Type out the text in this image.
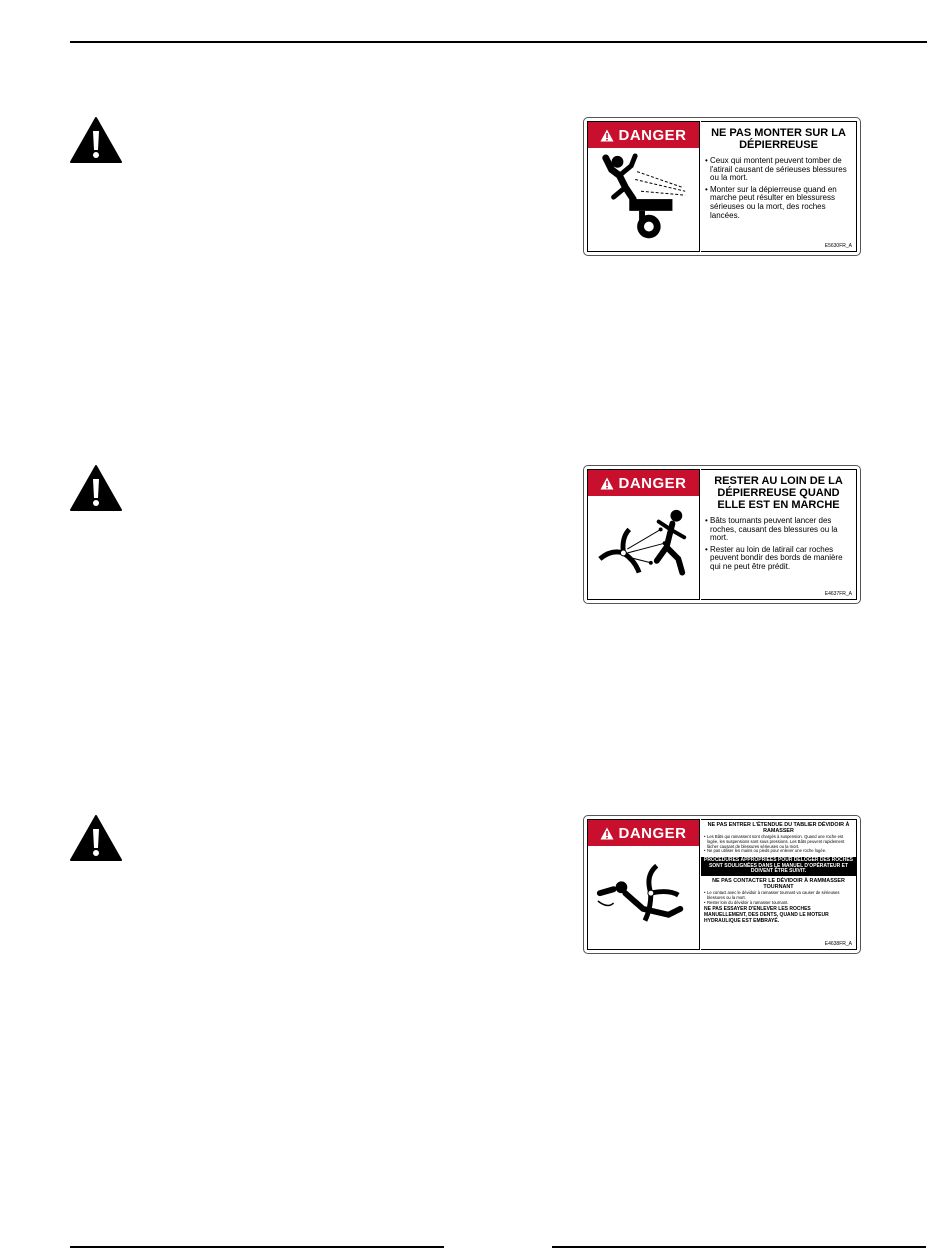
DANGER	NE PAS MONTER SUR LA DÉPIERREUSE
• Ceux qui montent peuvent tomber de l'atirail causant de sérieuses blessures ou la mort.
• Monter sur la dépierreuse quand en marche peut résulter en blessuress sérieuses ou la mort, des roches lancées.
E5630FR_A
DANGER	RESTER AU LOIN DE LA DÉPIERREUSE QUAND ELLE EST EN MARCHE
• Bâts tournants peuvent lancer des roches, causant des blessures ou la mort.
• Rester au loin de latirail car roches peuvent bondir des bords de manière qui ne peut être prédit.
E4637FR_A
DANGER	NE PAS ENTRER L'ÉTENDUE DU TABLIER DÉVIDOIR À RAMASSER
• Les Bâts qui ramassent sont chargés à suspension. Quand une roche est logée, les suspensions sont sous pressions. Les Bâts peuvent rapidement lâcher causant de blessures sérieuses ou la mort.
• Ne pas utiliser les mains ou pieds pour enlever une roche logée.
PROCÉDURES APPROPRIÉES POUR DÉLOGER DES ROCHES SONT SOULIGNÉES DANS LE MANUEL D'OPÉRATEUR ET DOIVENT ÊTRE SUIVIT.
NE PAS CONTACTER LE DÉVIDOIR À RAMMASSER TOURNANT
• Le contact avec le dévidoir à ramasser tournant va causer de sérieuses blessures ou la mort.
• Rester loin du dévidoir à ramasser tournant.
NE PAS ESSAYER D'ENLEVER LES ROCHES MANUELLEMENT, DES DENTS, QUAND LE MOTEUR HYDRAULIQUE EST EMBRAYÉ.
E4638FR_A
